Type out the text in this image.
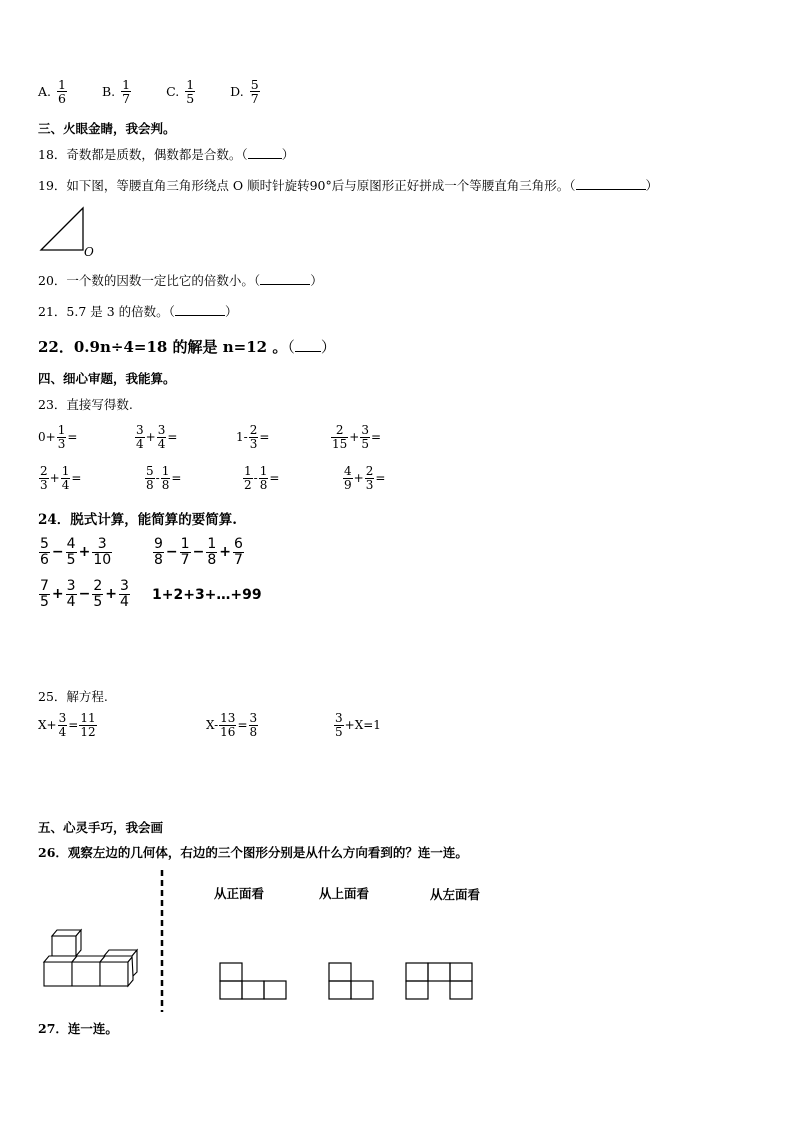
A. $\frac{1}{6}$	B. $\frac{1}{7}$	C. $\frac{1}{5}$	D. $\frac{5}{7}$
三、火眼金睛，我会判。
18．奇数都是质数，偶数都是合数。（	）
19．如下图，等腰直角三角形绕点 O 顺时针旋转90°后与原图形正好拼成一个等腰直角三角形。（	）
O
20．一个数的因数一定比它的倍数小。（	）
21．5.7 是 3 的倍数。（	）
22．0.9n÷4=18 的解是 n=12 。（ ）
四、细心审题，我能算。
23．直接写得数.
$0+ \frac{1}{3}$ =	$\frac{3}{4} + \frac{3}{4}$ =	$1- \frac{2}{3}$ =	$\frac{2}{15} + \frac{3}{5}$ =
$\frac{2}{3} + \frac{1}{4}$ =	$\frac{5}{8} - \frac{1}{8}$ =	$\frac{1}{2} - \frac{1}{8}$ =	$\frac{4}{9} + \frac{2}{3}$ =
24．脱式计算，能简算的要简算.
$\frac{5}{6} - \frac{4}{5} + \frac{3}{10}$	$\frac{9}{8} - \frac{1}{7} - \frac{1}{8} + \frac{6}{7}$
$\frac{7}{5} + \frac{3}{4} - \frac{2}{5} + \frac{3}{4}$ 1+2+3+…+99
25．解方程.
$X+ \frac{3}{4} = \frac{11}{12}$	$X- \frac{13}{16} = \frac{3}{8}$	$\frac{3}{5} +X=1$
五、心灵手巧，我会画
26．观察左边的几何体，右边的三个图形分别是从什么方向看到的？连一连。
从正面看	从上面看	从左面看
27．连一连。
